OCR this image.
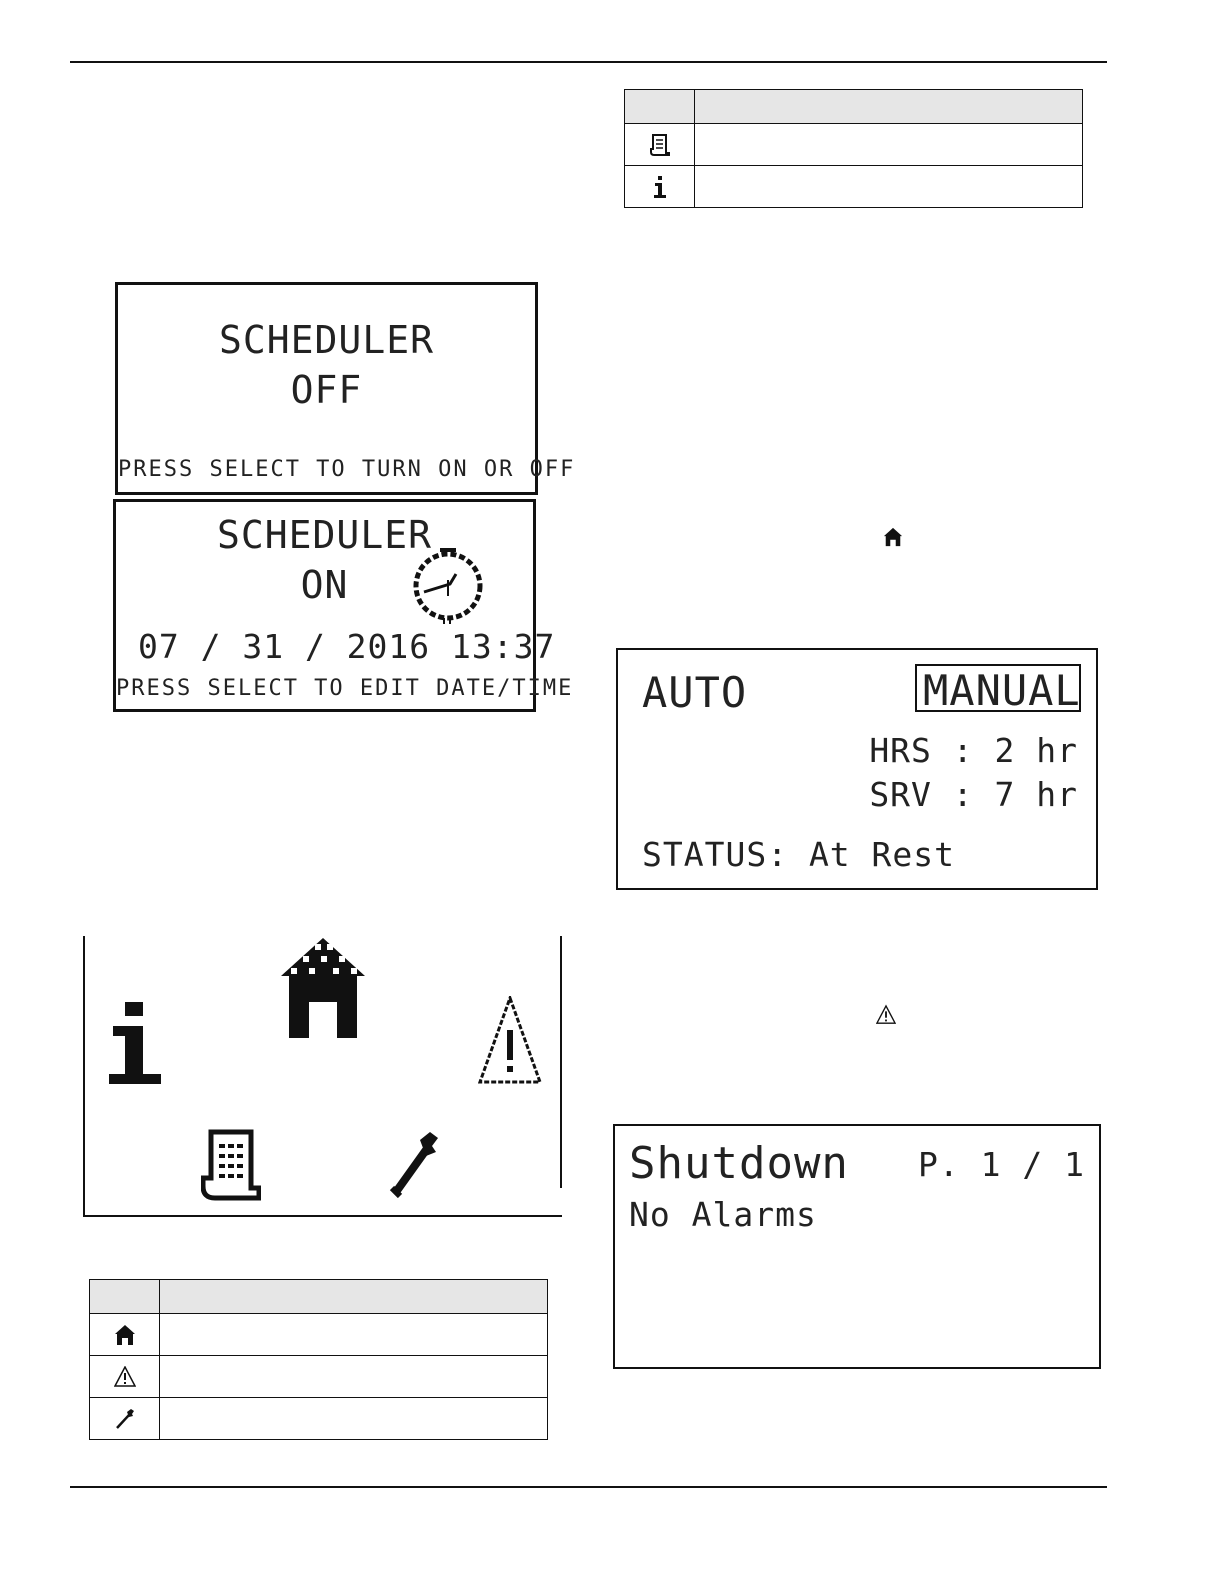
SCHEDULER
OFF
PRESS SELECT TO TURN ON OR OFF
SCHEDULER
ON
07 / 31 / 2016 13:37
PRESS SELECT TO EDIT DATE/TIME

	AUTO	MANUAL
HRS : 2 hr
SRV : 7 hr
STATUS: At Rest
Shutdown P. 1 / 1
No Alarms
